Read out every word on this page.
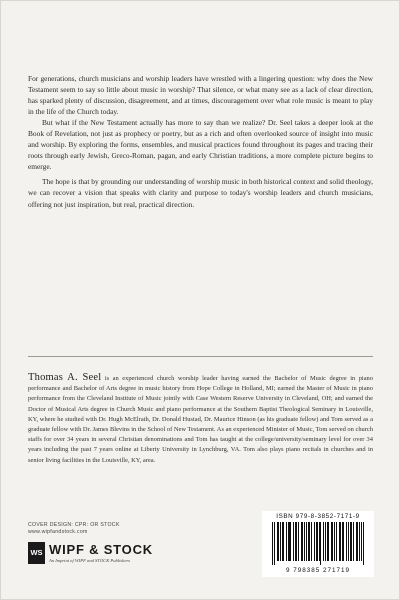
For generations, church musicians and worship leaders have wrestled with a lingering question: why does the New Testament seem to say so little about music in worship? That silence, or what many see as a lack of clear direction, has sparked plenty of discussion, disagreement, and at times, discouragement over what role music is meant to play in the life of the Church today.

But what if the New Testament actually has more to say than we realize? Dr. Seel takes a deeper look at the Book of Revelation, not just as prophecy or poetry, but as a rich and often overlooked source of insight into music and worship. By exploring the forms, ensembles, and musical practices found throughout its pages and tracing their roots through early Jewish, Greco-Roman, pagan, and early Christian traditions, a more complete picture begins to emerge.

The hope is that by grounding our understanding of worship music in both historical context and solid theology, we can recover a vision that speaks with clarity and purpose to today's worship leaders and church musicians, offering not just inspiration, but real, practical direction.

Thomas A. Seel is an experienced church worship leader having earned the Bachelor of Music degree in piano performance and Bachelor of Arts degree in music history from Hope College in Holland, MI; earned the Master of Music in piano performance from the Cleveland Institute of Music jointly with Case Western Reserve University in Cleveland, OH; and earned the Doctor of Musical Arts degree in Church Music and piano performance at the Southern Baptist Theological Seminary in Louisville, KY, where he studied with Dr. Hugh McElrath, Dr. Donald Hustad, Dr. Maurice Hinson (as his graduate fellow) and Tom served as a graduate fellow with Dr. James Blevins in the School of New Testament. As an experienced Minister of Music, Tom served on church staffs for over 34 years in several Christian denominations and Tom has taught at the college/university/seminary level for over 34 years including the past 7 years online at Liberty University in Lynchburg, VA. Tom also plays piano recitals in churches and in senior living facilities in the Louisville, KY, area.
COVER DESIGN: CPR: OR STOCK
www.wipfandstock.com
WS WIPF & STOCK
An Imprint of WIPF and STOCK Publishers
ISBN 979-8-3852-7171-9
9 798385 271719
